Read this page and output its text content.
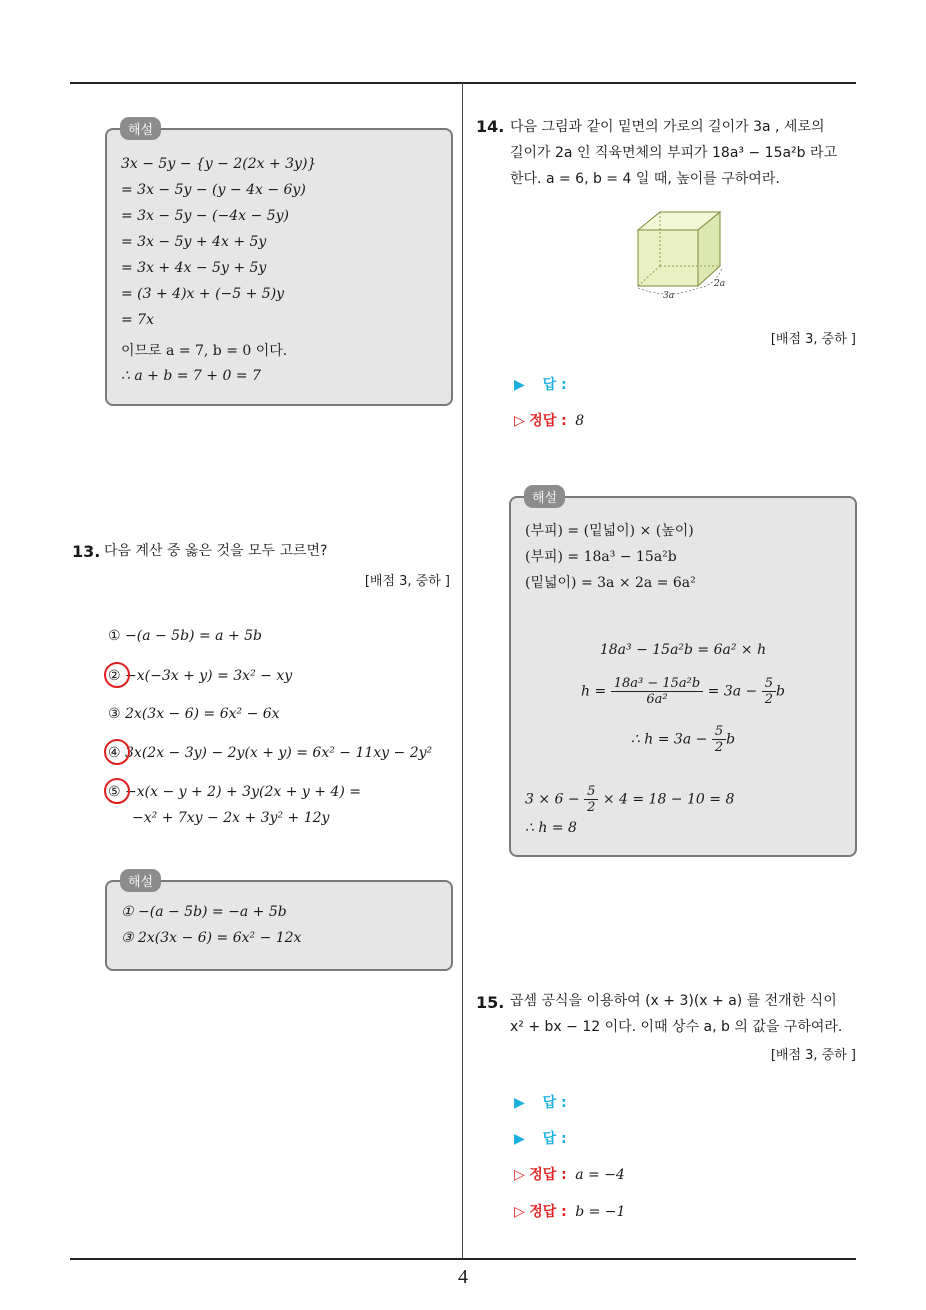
3x − 5y − {y − 2(2x + 3y)}
= 3x − 5y − (y − 4x − 6y)
= 3x − 5y − (−4x − 5y)
= 3x − 5y + 4x + 5y
= 3x + 4x − 5y + 5y
= (3 + 4)x + (−5 + 5)y
= 7x
이므로 a = 7, b = 0 이다.
∴ a + b = 7 + 0 = 7
해설
13. 다음 계산 중 옳은 것을 모두 고르면?
[배점 3, 중하 ]
① −(a − 5b) = a + 5b
② −x(−3x + y) = 3x² − xy
③ 2x(3x − 6) = 6x² − 6x
④ 3x(2x − 3y) − 2y(x + y) = 6x² − 11xy − 2y²
⑤ −x(x − y + 2) + 3y(2x + y + 4) =
−x² + 7xy − 2x + 3y² + 12y
① −(a − 5b) = −a + 5b
③ 2x(3x − 6) = 6x² − 12x
해설
14. 다음 그림과 같이 밑면의 가로의 길이가 3a , 세로의
길이가 2a 인 직육면체의 부피가 18a³ − 15a²b 라고
한다. a = 6, b = 4 일 때, 높이를 구하여라.
3a
2a
[배점 3, 중하 ]
▶ 답 :
▷ 정답 : 8
(부피) = (밑넓이) × (높이)
(부피) = 18a³ − 15a²b
(밑넓이) = 3a × 2a = 6a²
18a³ − 15a²b = 6a² × h
$h = \frac{\text{18a³ − 15a²b}}{\text{6a²}} = 3a - \frac{5}{2}$ b
∴ $h = 3a - \frac{5}{2}$ b
$3 \times 6 - \frac{5}{2} \times 4 = 18 - 10 = 8$
∴ h = 8
해설
15. 곱셈 공식을 이용하여 (x + 3)(x + a) 를 전개한 식이
x² + bx − 12 이다. 이때 상수 a, b 의 값을 구하여라.
[배점 3, 중하 ]
▶ 답 :
▶ 답 :
▷ 정답 : a = −4
▷ 정답 : b = −1
4
